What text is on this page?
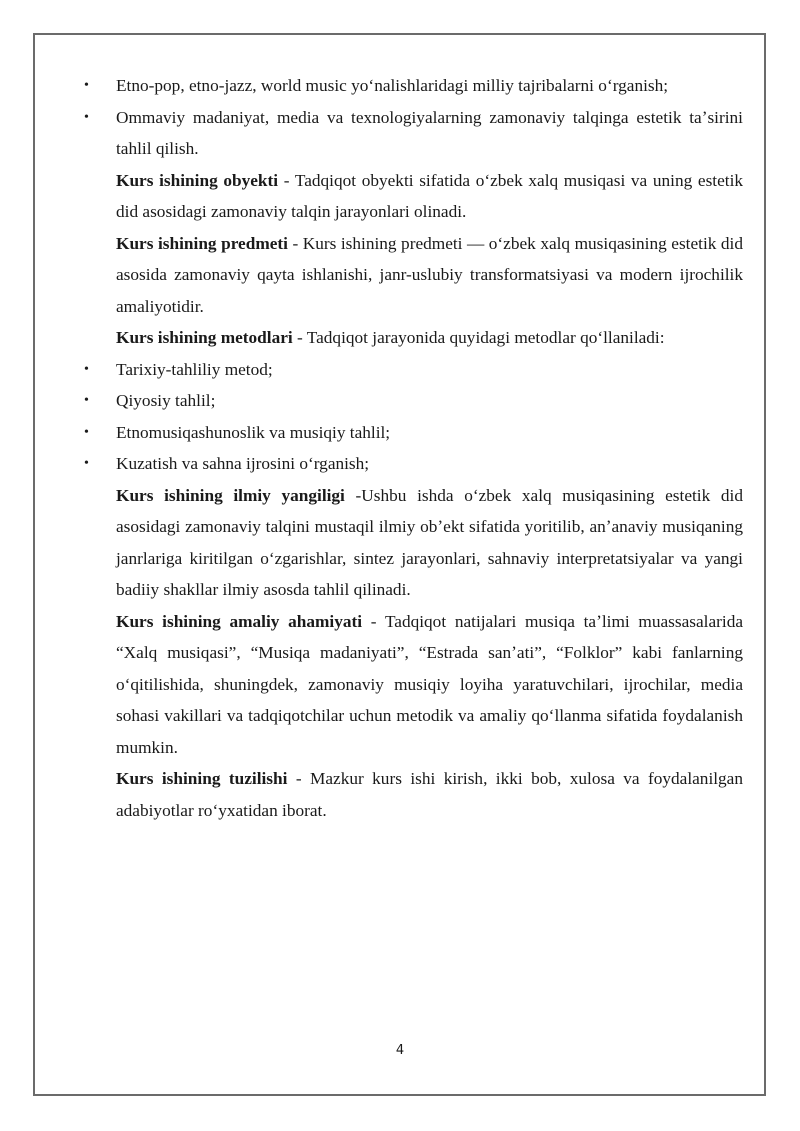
• Etno-pop, etno-jazz, world music yoʻnalishlaridagi milliy tajribalarni oʻrganish;
• Ommaviy madaniyat, media va texnologiyalarning zamonaviy talqinga estetik taʼsirini tahlil qilish.
Kurs ishining obyekti - Tadqiqot obyekti sifatida oʻzbek xalq musiqasi va uning estetik did asosidagi zamonaviy talqin jarayonlari olinadi.
Kurs ishining predmeti - Kurs ishining predmeti — oʻzbek xalq musiqasining estetik did asosida zamonaviy qayta ishlanishi, janr-uslubiy transformatsiyasi va modern ijrochilik amaliyotidir.
Kurs ishining metodlari - Tadqiqot jarayonida quyidagi metodlar qoʻllaniladi:
• Tarixiy-tahliliy metod;
• Qiyosiy tahlil;
• Etnomusiqashunoslik va musiqiy tahlil;
• Kuzatish va sahna ijrosini oʻrganish;
Kurs ishining ilmiy yangiligi -Ushbu ishda oʻzbek xalq musiqasining estetik did asosidagi zamonaviy talqini mustaqil ilmiy obʼekt sifatida yoritilib, anʼanaviy musiqaning janrlariga kiritilgan oʻzgarishlar, sintez jarayonlari, sahnaviy interpretatsiyalar va yangi badiiy shakllar ilmiy asosda tahlil qilinadi.
Kurs ishining amaliy ahamiyati - Tadqiqot natijalari musiqa taʼlimi muassasalarida “Xalq musiqasi”, “Musiqa madaniyati”, “Estrada sanʼati”, “Folklor” kabi fanlarning oʻqitilishida, shuningdek, zamonaviy musiqiy loyiha yaratuvchilari, ijrochilar, media sohasi vakillari va tadqiqotchilar uchun metodik va amaliy qoʻllanma sifatida foydalanish mumkin.
Kurs ishining tuzilishi - Mazkur kurs ishi kirish, ikki bob, xulosa va foydalanilgan adabiyotlar roʻyxatidan iborat.
4
